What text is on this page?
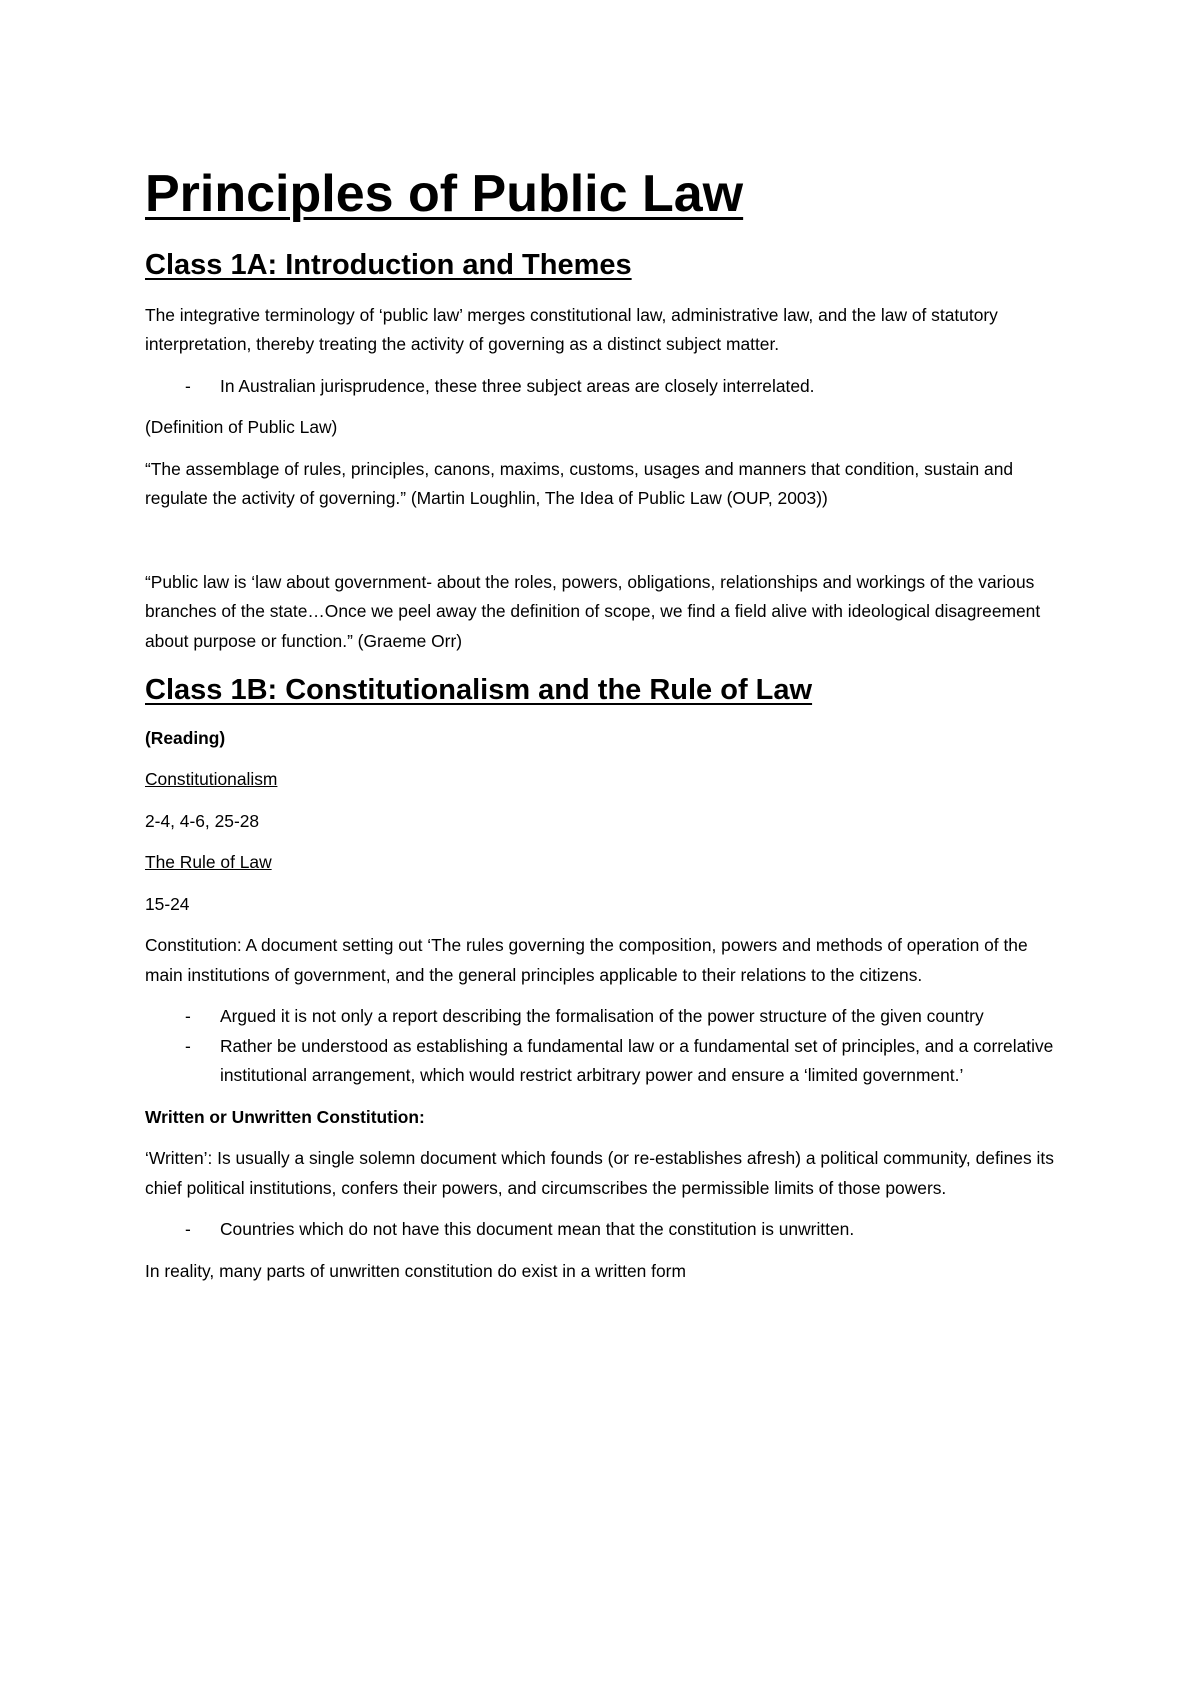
Principles of Public Law
Class 1A: Introduction and Themes

The integrative terminology of ‘public law’ merges constitutional law, administrative law, and the law of statutory interpretation, thereby treating the activity of governing as a distinct subject matter.

- In Australian jurisprudence, these three subject areas are closely interrelated.

(Definition of Public Law)

“The assemblage of rules, principles, canons, maxims, customs, usages and manners that condition, sustain and regulate the activity of governing.” (Martin Loughlin, The Idea of Public Law (OUP, 2003))

“Public law is ‘law about government- about the roles, powers, obligations, relationships and workings of the various branches of the state…Once we peel away the definition of scope, we find a field alive with ideological disagreement about purpose or function.” (Graeme Orr)

Class 1B: Constitutionalism and the Rule of Law

(Reading)

Constitutionalism

2-4, 4-6, 25-28

The Rule of Law

15-24

Constitution: A document setting out ‘The rules governing the composition, powers and methods of operation of the main institutions of government, and the general principles applicable to their relations to the citizens.

- Argued it is not only a report describing the formalisation of the power structure of the given country

- Rather be understood as establishing a fundamental law or a fundamental set of principles, and a correlative institutional arrangement, which would restrict arbitrary power and ensure a ‘limited government.’

Written or Unwritten Constitution:

‘Written’: Is usually a single solemn document which founds (or re-establishes afresh) a political community, defines its chief political institutions, confers their powers, and circumscribes the permissible limits of those powers.

- Countries which do not have this document mean that the constitution is unwritten.

In reality, many parts of unwritten constitution do exist in a written form
